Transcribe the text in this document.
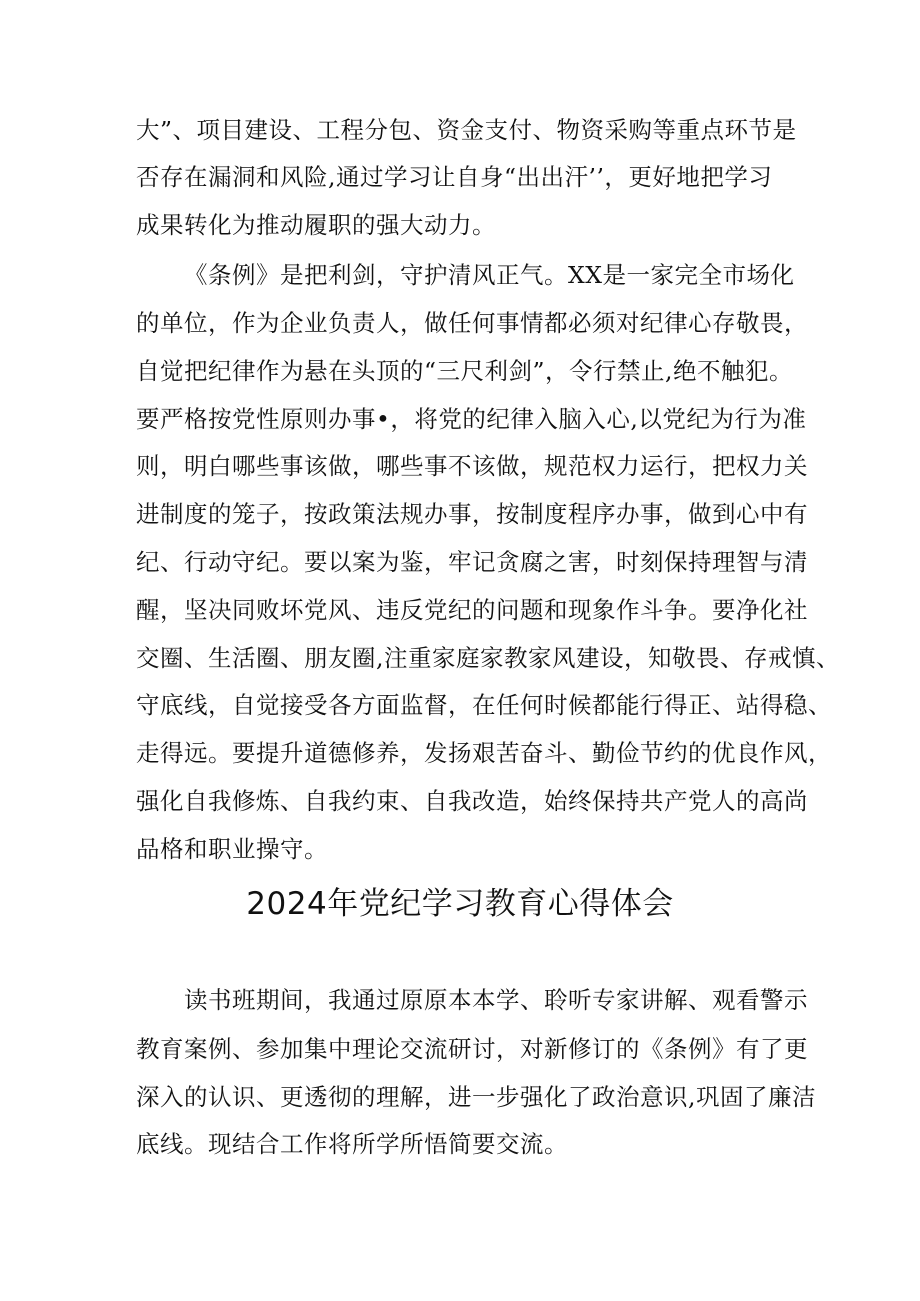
大”、项目建设、工程分包、资金支付、物资采购等重点环节是
否存在漏洞和风险,通过学习让自身“出出汗’’，更好地把学习
成果转化为推动履职的强大动力。
《条例》是把利剑，守护清风正气。XX是一家完全市场化
的单位，作为企业负责人，做任何事情都必须对纪律心存敬畏，
自觉把纪律作为悬在头顶的“三尺利剑”，令行禁止,绝不触犯。
要严格按党性原则办事•，将党的纪律入脑入心,以党纪为行为准
则，明白哪些事该做，哪些事不该做，规范权力运行，把权力关
进制度的笼子，按政策法规办事，按制度程序办事，做到心中有
纪、行动守纪。要以案为鉴，牢记贪腐之害，时刻保持理智与清
醒，坚决同败坏党风、违反党纪的问题和现象作斗争。要净化社
交圈、生活圈、朋友圈,注重家庭家教家风建设，知敬畏、存戒慎、
守底线，自觉接受各方面监督，在任何时候都能行得正、站得稳、
走得远。要提升道德修养，发扬艰苦奋斗、勤俭节约的优良作风，
强化自我修炼、自我约束、自我改造，始终保持共产党人的高尚
品格和职业操守。
2024年党纪学习教育心得体会
读书班期间，我通过原原本本学、聆听专家讲解、观看警示
教育案例、参加集中理论交流研讨，对新修订的《条例》有了更
深入的认识、更透彻的理解，进一步强化了政治意识,巩固了廉洁
底线。现结合工作将所学所悟简要交流。
